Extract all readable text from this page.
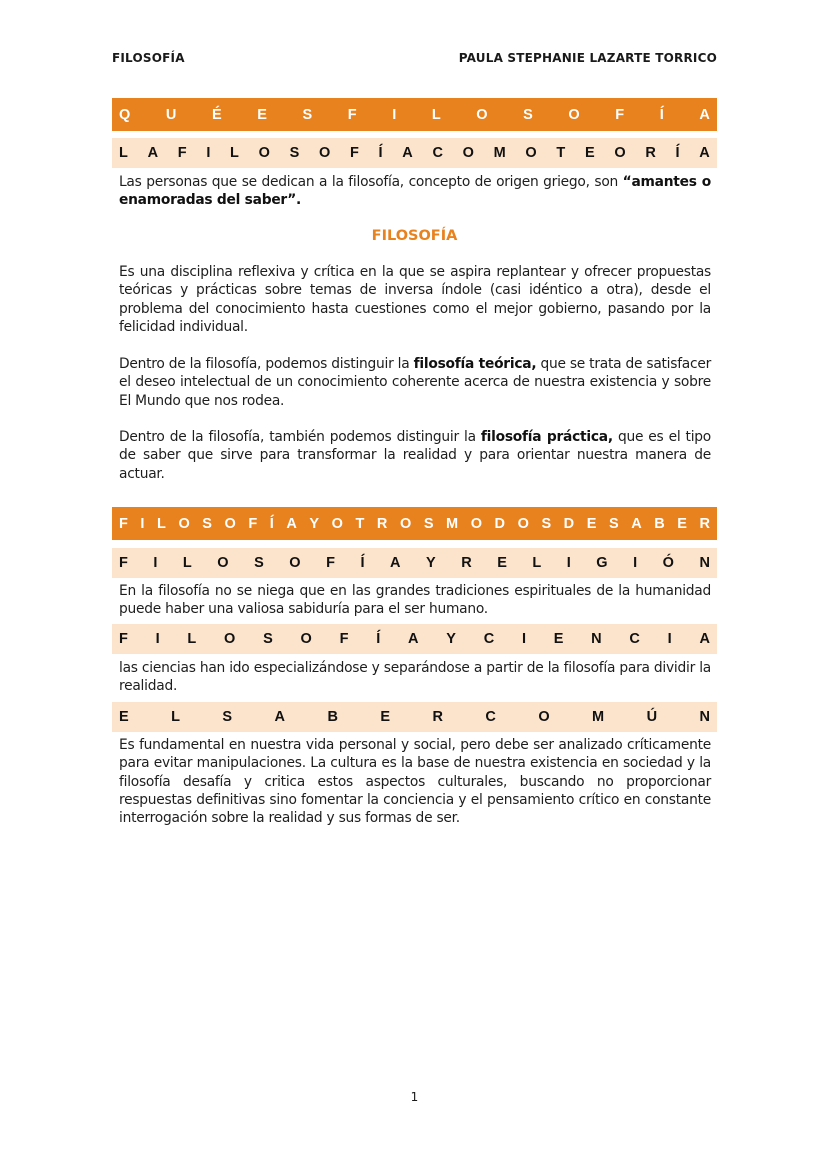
FILOSOFÍA	PAULA STEPHANIE LAZARTE TORRICO
Q U É E S F I L O S O F Í A
L A F I L O S O F Í A C O M O T E O R Í A

Las personas que se dedican a la filosofía, concepto de origen griego, son “amantes o enamoradas del saber”.

FILOSOFÍA

Es una disciplina reflexiva y crítica en la que se aspira replantear y ofrecer propuestas teóricas y prácticas sobre temas de inversa índole (casi idéntico a otra), desde el problema del conocimiento hasta cuestiones como el mejor gobierno, pasando por la felicidad individual.

Dentro de la filosofía, podemos distinguir la filosofía teórica, que se trata de satisfacer el deseo intelectual de un conocimiento coherente acerca de nuestra existencia y sobre El Mundo que nos rodea.

Dentro de la filosofía, también podemos distinguir la filosofía práctica, que es el tipo de saber que sirve para transformar la realidad y para orientar nuestra manera de actuar.

F I L O S O F Í A Y O T R O S M O D O S D E S A B E R
F I L O S O F Í A Y R E L I G I Ó N

En la filosofía no se niega que en las grandes tradiciones espirituales de la humanidad puede haber una valiosa sabiduría para el ser humano.

F I L O S O F Í A Y C I E N C I A

las ciencias han ido especializándose y separándose a partir de la filosofía para dividir la realidad.

E	L	S	A	B	E	R	C	O	M	Ú	N

Es fundamental en nuestra vida personal y social, pero debe ser analizado críticamente para evitar manipulaciones. La cultura es la base de nuestra existencia en sociedad y la filosofía desafía y critica estos aspectos culturales, buscando no proporcionar respuestas definitivas sino fomentar la conciencia y el pensamiento crítico en constante interrogación sobre la realidad y sus formas de ser.

1
